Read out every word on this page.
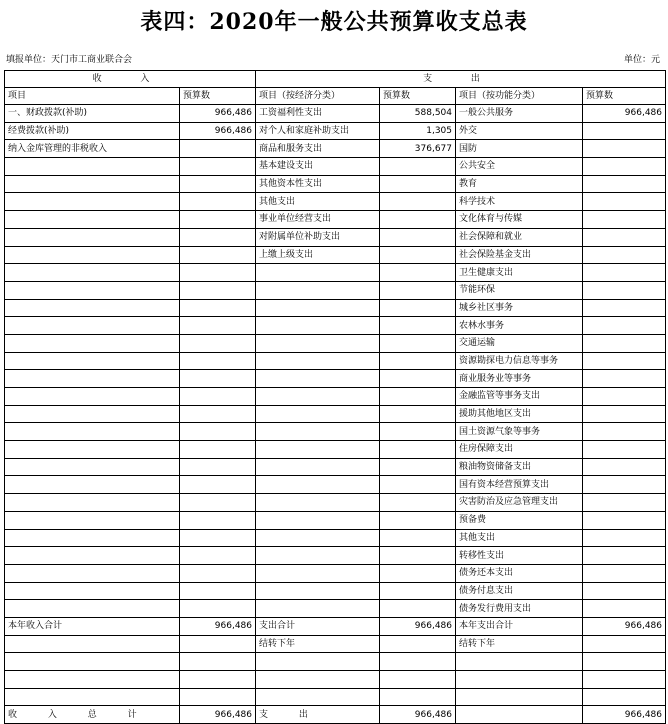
表四：2020年一般公共预算收支总表
填报单位：天门市工商业联合会	单位：元
收 入		支 出			
项目	预算数	项目（按经济分类）	预算数	项目（按功能分类）	预算数
一、财政拨款(补助)	966,486	工资福利性支出	588,504	一般公共服务	966,486
经费拨款(补助)	966,486	对个人和家庭补助支出	1,305	外交	
纳入金库管理的非税收入		商品和服务支出	376,677	国防	
		基本建设支出		公共安全	
		其他资本性支出		教育	
		其他支出		科学技术	
		事业单位经营支出		文化体育与传媒	
		对附属单位补助支出		社会保障和就业	
		上缴上级支出		社会保险基金支出	
				卫生健康支出	
				节能环保	
				城乡社区事务	
				农林水事务	
				交通运输	
				资源勘探电力信息等事务	
				商业服务业等事务	
				金融监管等事务支出	
				援助其他地区支出	
				国土资源气象等事务	
				住房保障支出	
				粮油物资储备支出	
				国有资本经营预算支出	
				灾害防治及应急管理支出	
				预备费	
				其他支出	
				转移性支出	
				债务还本支出	
				债务付息支出	
				债务发行费用支出	
本年收入合计	966,486	支出合计	966,486	本年支出合计	966,486
		结转下年		结转下年	

收 入 总 计	966,486	支 出	966,486		966,486
